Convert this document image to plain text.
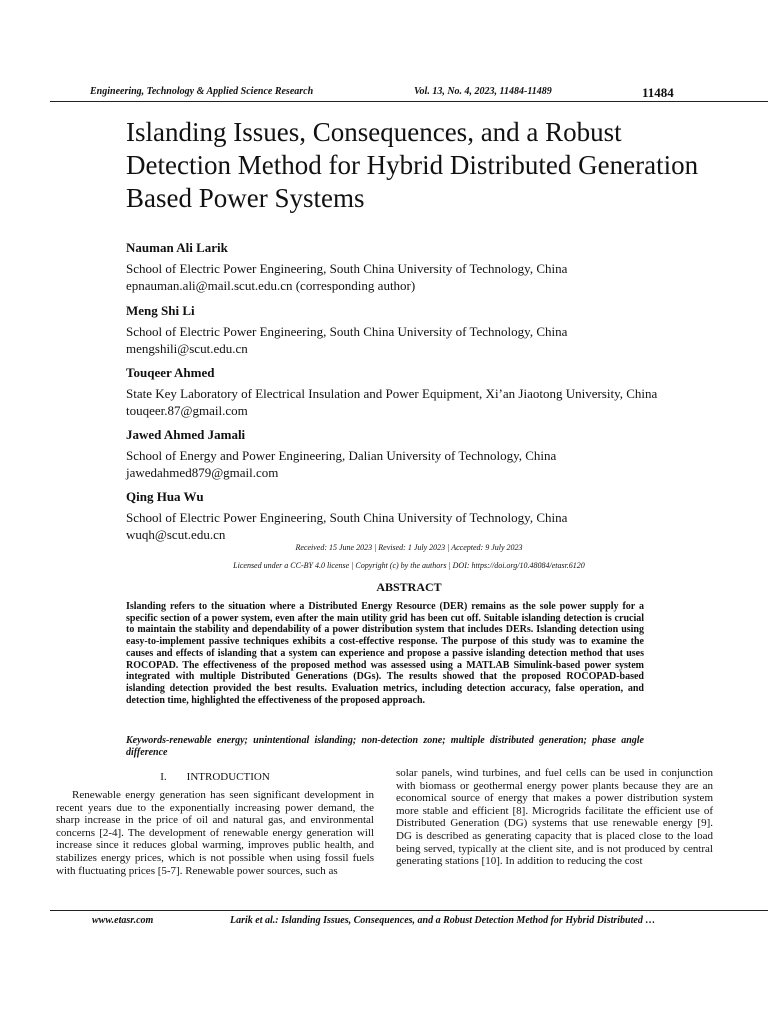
Engineering, Technology & Applied Science Research	Vol. 13, No. 4, 2023, 11484-11489	11484
Islanding Issues, Consequences, and a Robust Detection Method for Hybrid Distributed Generation Based Power Systems
Nauman Ali Larik
School of Electric Power Engineering, South China University of Technology, China
epnauman.ali@mail.scut.edu.cn (corresponding author)
Meng Shi Li
School of Electric Power Engineering, South China University of Technology, China
mengshili@scut.edu.cn
Touqeer Ahmed
State Key Laboratory of Electrical Insulation and Power Equipment, Xi’an Jiaotong University, China
touqeer.87@gmail.com
Jawed Ahmed Jamali
School of Energy and Power Engineering, Dalian University of Technology, China
jawedahmed879@gmail.com
Qing Hua Wu
School of Electric Power Engineering, South China University of Technology, China
wuqh@scut.edu.cn
Received: 15 June 2023 | Revised: 1 July 2023 | Accepted: 9 July 2023
Licensed under a CC-BY 4.0 license | Copyright (c) by the authors | DOI: https://doi.org/10.48084/etasr.6120
ABSTRACT
Islanding refers to the situation where a Distributed Energy Resource (DER) remains as the sole power supply for a specific section of a power system, even after the main utility grid has been cut off. Suitable islanding detection is crucial to maintain the stability and dependability of a power distribution system that includes DERs. Islanding detection using easy-to-implement passive techniques exhibits a cost-effective response. The purpose of this study was to examine the causes and effects of islanding that a system can experience and propose a passive islanding detection method that uses ROCOPAD. The effectiveness of the proposed method was assessed using a MATLAB Simulink-based power system integrated with multiple Distributed Generations (DGs). The results showed that the proposed ROCOPAD-based islanding detection provided the best results. Evaluation metrics, including detection accuracy, false operation, and detection time, highlighted the effectiveness of the proposed approach.
Keywords-renewable energy; unintentional islanding; non-detection zone; multiple distributed generation; phase angle difference
I. INTRODUCTION

Renewable energy generation has seen significant development in recent years due to the exponentially increasing power demand, the sharp increase in the price of oil and natural gas, and environmental concerns [2-4]. The development of renewable energy generation will increase since it reduces global warming, improves public health, and stabilizes energy prices, which is not possible when using fossil fuels with fluctuating prices [5-7]. Renewable power sources, such as

solar panels, wind turbines, and fuel cells can be used in conjunction with biomass or geothermal energy power plants because they are an economical source of energy that makes a power distribution system more stable and efficient [8]. Microgrids facilitate the efficient use of Distributed Generation (DG) systems that use renewable energy [9]. DG is described as generating capacity that is placed close to the load being served, typically at the client site, and is not produced by central generating stations [10]. In addition to reducing the cost

www.etasr.com	Larik et al.: Islanding Issues, Consequences, and a Robust Detection Method for Hybrid Distributed …
